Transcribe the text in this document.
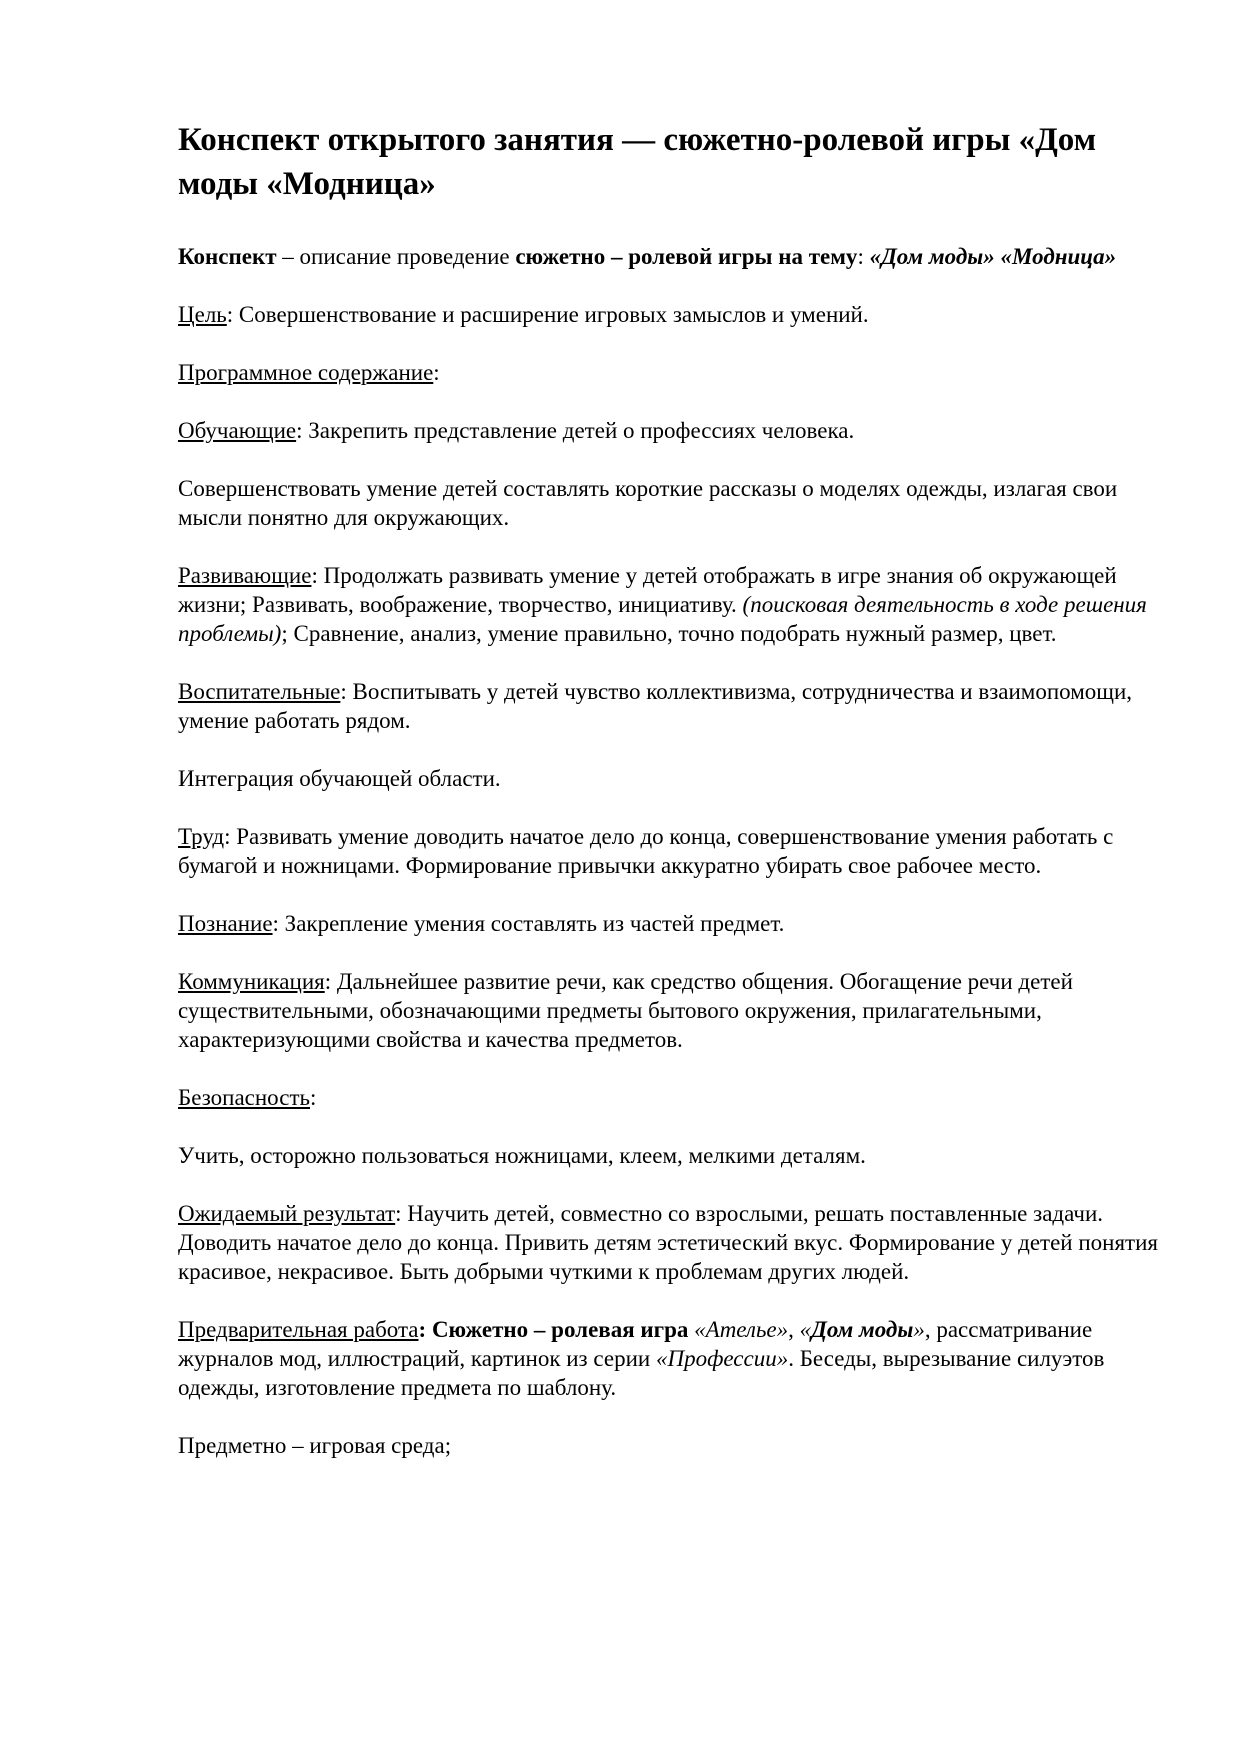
Конспект открытого занятия — сюжетно-ролевой игры «Дом моды «Модница»

Конспект – описание проведение сюжетно – ролевой игры на тему: «Дом моды» «Модница»

Цель: Совершенствование и расширение игровых замыслов и умений.

Программное содержание:

Обучающие: Закрепить представление детей о профессиях человека.

Совершенствовать умение детей составлять короткие рассказы о моделях одежды, излагая свои мысли понятно для окружающих.

Развивающие: Продолжать развивать умение у детей отображать в игре знания об окружающей жизни; Развивать, воображение, творчество, инициативу. (поисковая деятельность в ходе решения проблемы); Сравнение, анализ, умение правильно, точно подобрать нужный размер, цвет.

Воспитательные: Воспитывать у детей чувство коллективизма, сотрудничества и взаимопомощи, умение работать рядом.

Интеграция обучающей области.

Труд: Развивать умение доводить начатое дело до конца, совершенствование умения работать с бумагой и ножницами. Формирование привычки аккуратно убирать свое рабочее место.

Познание: Закрепление умения составлять из частей предмет.

Коммуникация: Дальнейшее развитие речи, как средство общения. Обогащение речи детей существительными, обозначающими предметы бытового окружения, прилагательными, характеризующими свойства и качества предметов.

Безопасность:

Учить, осторожно пользоваться ножницами, клеем, мелкими деталям.

Ожидаемый результат: Научить детей, совместно со взрослыми, решать поставленные задачи. Доводить начатое дело до конца. Привить детям эстетический вкус. Формирование у детей понятия красивое, некрасивое. Быть добрыми чуткими к проблемам других людей.

Предварительная работа: Сюжетно – ролевая игра «Ателье», «Дом моды», рассматривание журналов мод, иллюстраций, картинок из серии «Профессии». Беседы, вырезывание силуэтов одежды, изготовление предмета по шаблону.

Предметно – игровая среда;
